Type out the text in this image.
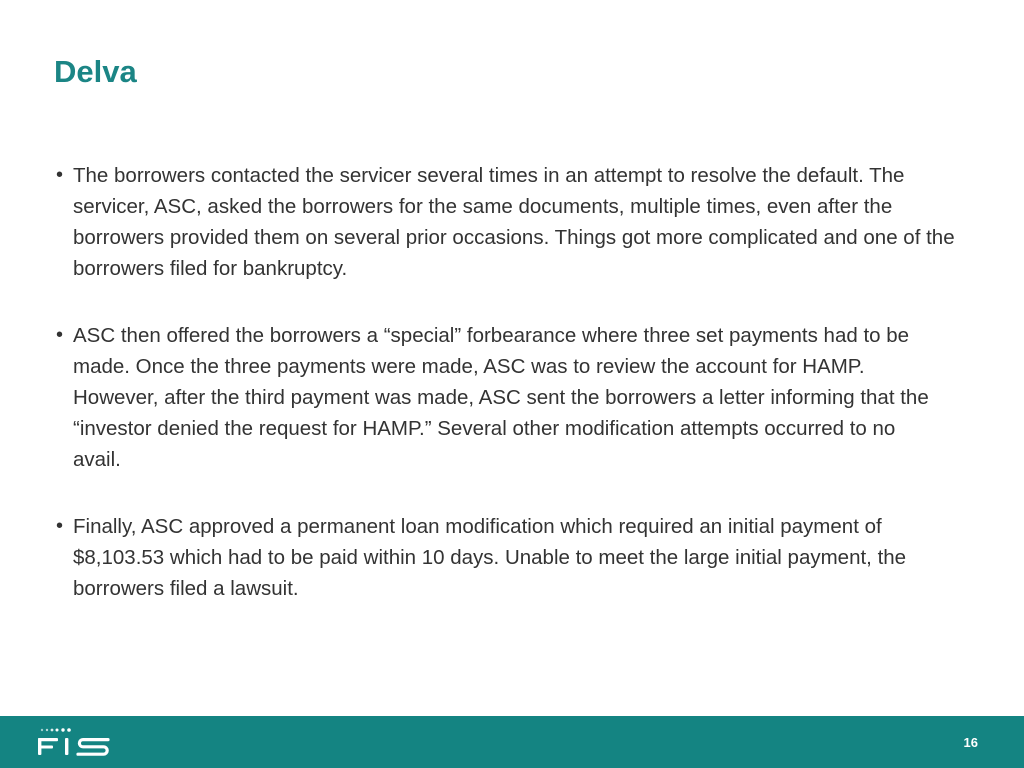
Delva
• The borrowers contacted the servicer several times in an attempt to resolve the default. The servicer, ASC, asked the borrowers for the same documents, multiple times, even after the borrowers provided them on several prior occasions. Things got more complicated and one of the borrowers filed for bankruptcy.
• ASC then offered the borrowers a “special” forbearance where three set payments had to be made. Once the three payments were made, ASC was to review the account for HAMP. However, after the third payment was made, ASC sent the borrowers a letter informing that the “investor denied the request for HAMP.” Several other modification attempts occurred to no avail.
• Finally, ASC approved a permanent loan modification which required an initial payment of $8,103.53 which had to be paid within 10 days. Unable to meet the large initial payment, the borrowers filed a lawsuit.
16
